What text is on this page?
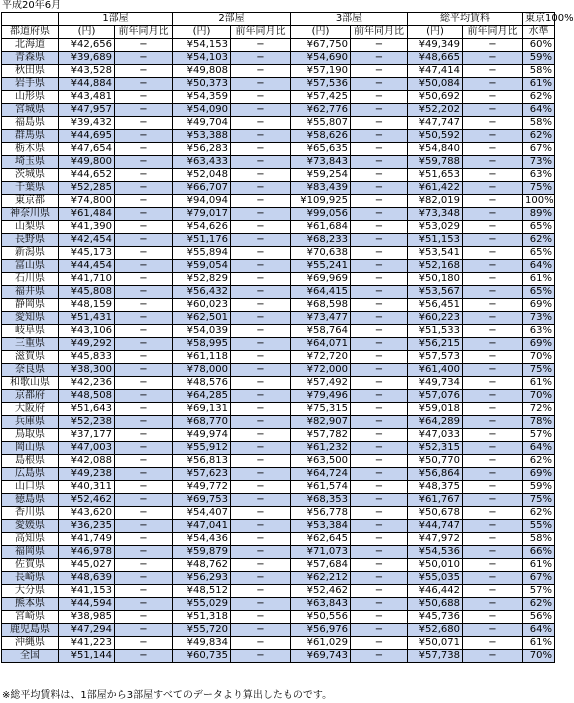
平成20年6月
	1部屋		2部屋		3部屋		総平均賃料		東京100%
都道府県	(円)	前年同月比	(円)	前年同月比	(円)	前年同月比	(円)	前年同月比	水準
北海道	¥42,656	−	¥54,153	−	¥67,750	−	¥49,349	−	60%
青森県	¥39,689	−	¥54,103	−	¥54,690	−	¥48,665	−	59%
秋田県	¥43,528	−	¥49,808	−	¥57,190	−	¥47,414	−	58%
岩手県	¥44,884	−	¥50,373	−	¥57,536	−	¥50,084	−	61%
山形県	¥43,481	−	¥54,359	−	¥57,425	−	¥50,692	−	62%
宮城県	¥47,957	−	¥54,090	−	¥62,776	−	¥52,202	−	64%
福島県	¥39,432	−	¥49,704	−	¥55,807	−	¥47,747	−	58%
群馬県	¥44,695	−	¥53,388	−	¥58,626	−	¥50,592	−	62%
栃木県	¥47,654	−	¥56,283	−	¥65,635	−	¥54,840	−	67%
埼玉県	¥49,800	−	¥63,433	−	¥73,843	−	¥59,788	−	73%
茨城県	¥44,652	−	¥52,048	−	¥59,254	−	¥51,653	−	63%
千葉県	¥52,285	−	¥66,707	−	¥83,439	−	¥61,422	−	75%
東京都	¥74,800	−	¥94,094	−	¥109,925	−	¥82,019	−	100%
神奈川県	¥61,484	−	¥79,017	−	¥99,056	−	¥73,348	−	89%
山梨県	¥41,390	−	¥54,626	−	¥61,684	−	¥53,029	−	65%
長野県	¥42,454	−	¥51,176	−	¥68,233	−	¥51,153	−	62%
新潟県	¥45,173	−	¥55,894	−	¥70,638	−	¥53,541	−	65%
富山県	¥44,454	−	¥59,054	−	¥55,241	−	¥52,168	−	64%
石川県	¥41,710	−	¥52,829	−	¥69,969	−	¥50,180	−	61%
福井県	¥45,808	−	¥56,432	−	¥64,415	−	¥53,567	−	65%
静岡県	¥48,159	−	¥60,023	−	¥68,598	−	¥56,451	−	69%
愛知県	¥51,431	−	¥62,501	−	¥73,477	−	¥60,223	−	73%
岐阜県	¥43,106	−	¥54,039	−	¥58,764	−	¥51,533	−	63%
三重県	¥49,292	−	¥58,995	−	¥64,071	−	¥56,215	−	69%
滋賀県	¥45,833	−	¥61,118	−	¥72,720	−	¥57,573	−	70%
奈良県	¥38,300	−	¥78,000	−	¥72,000	−	¥61,400	−	75%
和歌山県	¥42,236	−	¥48,576	−	¥57,492	−	¥49,734	−	61%
京都府	¥48,508	−	¥64,285	−	¥79,496	−	¥57,076	−	70%
大阪府	¥51,643	−	¥69,131	−	¥75,315	−	¥59,018	−	72%
兵庫県	¥52,238	−	¥68,770	−	¥82,907	−	¥64,289	−	78%
鳥取県	¥37,177	−	¥49,974	−	¥57,782	−	¥47,033	−	57%
岡山県	¥47,003	−	¥55,912	−	¥61,232	−	¥52,315	−	64%
島根県	¥42,088	−	¥56,813	−	¥63,500	−	¥50,770	−	62%
広島県	¥49,238	−	¥57,623	−	¥64,724	−	¥56,864	−	69%
山口県	¥40,311	−	¥49,772	−	¥61,574	−	¥48,375	−	59%
徳島県	¥52,462	−	¥69,753	−	¥68,353	−	¥61,767	−	75%
香川県	¥43,620	−	¥54,407	−	¥56,778	−	¥50,678	−	62%
愛媛県	¥36,235	−	¥47,041	−	¥53,384	−	¥44,747	−	55%
高知県	¥41,749	−	¥54,436	−	¥62,645	−	¥47,972	−	58%
福岡県	¥46,978	−	¥59,879	−	¥71,073	−	¥54,536	−	66%
佐賀県	¥45,027	−	¥48,762	−	¥57,684	−	¥50,010	−	61%
長崎県	¥48,639	−	¥56,293	−	¥62,212	−	¥55,035	−	67%
大分県	¥41,153	−	¥48,512	−	¥52,462	−	¥46,442	−	57%
熊本県	¥44,594	−	¥55,029	−	¥63,843	−	¥50,688	−	62%
宮崎県	¥38,985	−	¥51,318	−	¥50,556	−	¥45,736	−	56%
鹿児島県	¥47,294	−	¥55,720	−	¥56,976	−	¥52,680	−	64%
沖縄県	¥41,223	−	¥49,834	−	¥61,029	−	¥50,071	−	61%
全国	¥51,144	−	¥60,735	−	¥69,743	−	¥57,738	−	70%
※総平均賃料は、1部屋から3部屋すべてのデータより算出したものです。
